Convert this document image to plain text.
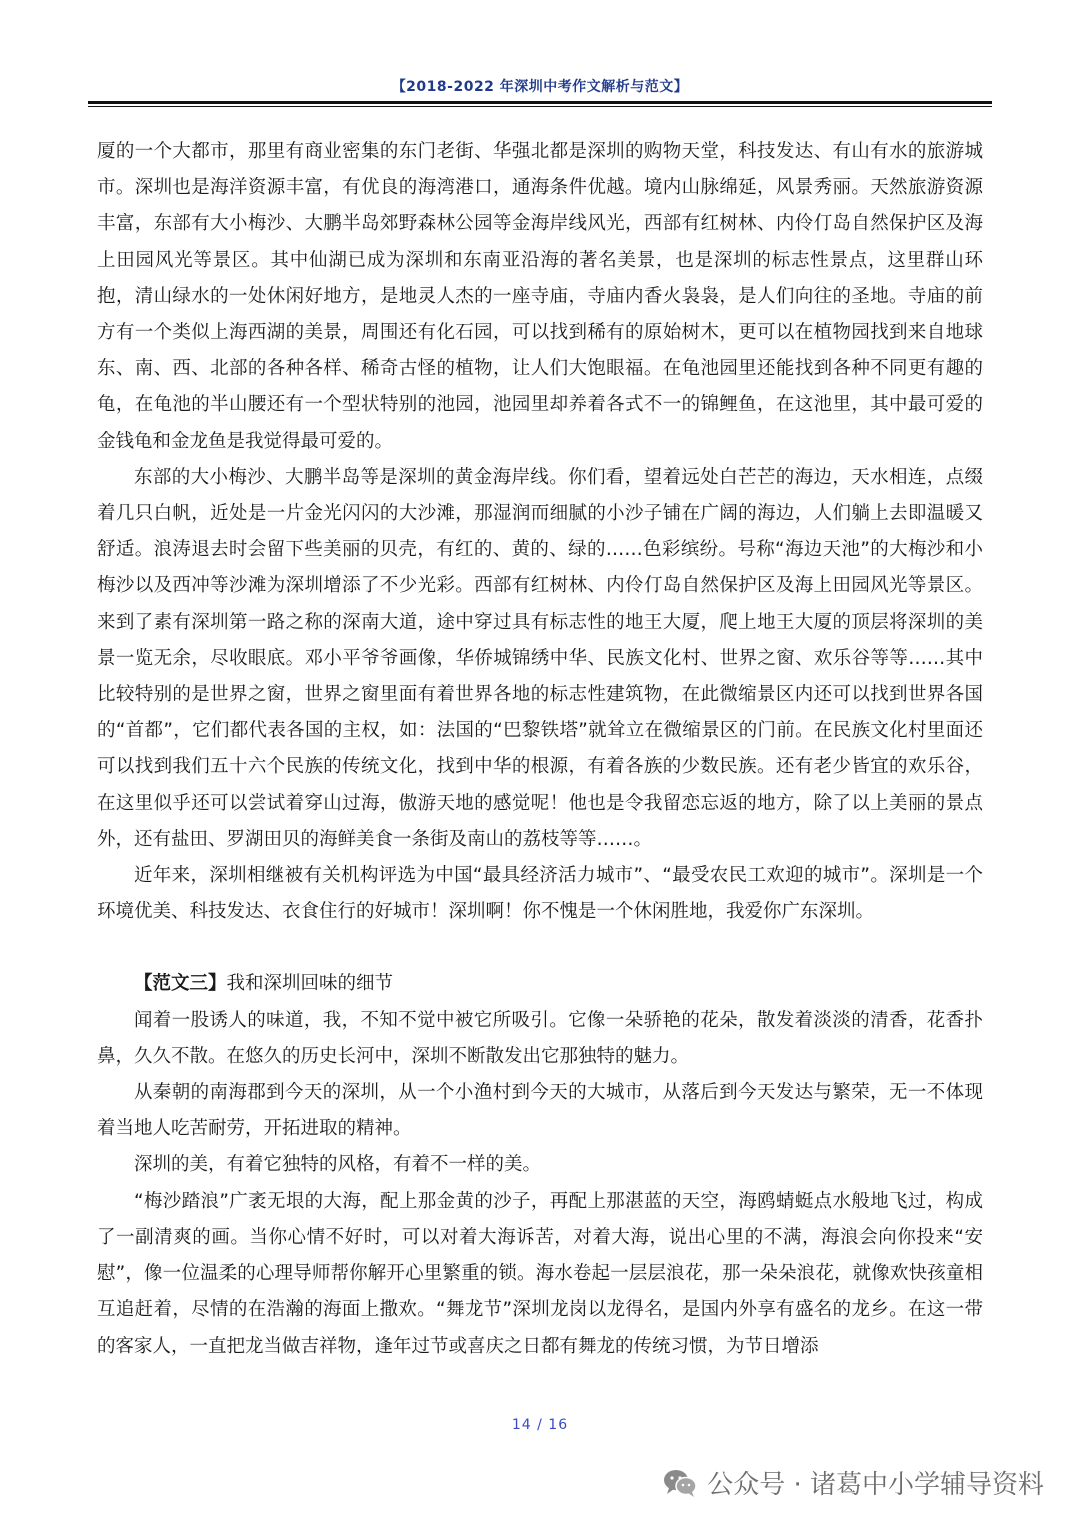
【2018-2022 年深圳中考作文解析与范文】

厦的一个大都市，那里有商业密集的东门老街、华强北都是深圳的购物天堂，科技发达、有山有水的旅游城市。深圳也是海洋资源丰富，有优良的海湾港口，通海条件优越。境内山脉绵延，风景秀丽。天然旅游资源丰富，东部有大小梅沙、大鹏半岛郊野森林公园等金海岸线风光，西部有红树林、内伶仃岛自然保护区及海上田园风光等景区。其中仙湖已成为深圳和东南亚沿海的著名美景，也是深圳的标志性景点，这里群山环抱，清山绿水的一处休闲好地方，是地灵人杰的一座寺庙，寺庙内香火袅袅，是人们向往的圣地。寺庙的前方有一个类似上海西湖的美景，周围还有化石园，可以找到稀有的原始树木，更可以在植物园找到来自地球东、南、西、北部的各种各样、稀奇古怪的植物，让人们大饱眼福。在龟池园里还能找到各种不同更有趣的龟，在龟池的半山腰还有一个型状特别的池园，池园里却养着各式不一的锦鲤鱼，在这池里，其中最可爱的金钱龟和金龙鱼是我觉得最可爱的。

东部的大小梅沙、大鹏半岛等是深圳的黄金海岸线。你们看，望着远处白芒芒的海边，天水相连，点缀着几只白帆，近处是一片金光闪闪的大沙滩，那湿润而细腻的小沙子铺在广阔的海边，人们躺上去即温暖又舒适。浪涛退去时会留下些美丽的贝壳，有红的、黄的、绿的……色彩缤纷。号称“海边天池”的大梅沙和小梅沙以及西冲等沙滩为深圳增添了不少光彩。西部有红树林、内伶仃岛自然保护区及海上田园风光等景区。来到了素有深圳第一路之称的深南大道，途中穿过具有标志性的地王大厦，爬上地王大厦的顶层将深圳的美景一览无余，尽收眼底。邓小平爷爷画像，华侨城锦绣中华、民族文化村、世界之窗、欢乐谷等等……其中比较特别的是世界之窗，世界之窗里面有着世界各地的标志性建筑物，在此微缩景区内还可以找到世界各国的“首都”，它们都代表各国的主权，如：法国的“巴黎铁塔”就耸立在微缩景区的门前。在民族文化村里面还可以找到我们五十六个民族的传统文化，找到中华的根源，有着各族的少数民族。还有老少皆宜的欢乐谷，在这里似乎还可以尝试着穿山过海，傲游天地的感觉呢！他也是令我留恋忘返的地方，除了以上美丽的景点外，还有盐田、罗湖田贝的海鲜美食一条街及南山的荔枝等等……。

近年来，深圳相继被有关机构评选为中国“最具经济活力城市”、“最受农民工欢迎的城市”。深圳是一个环境优美、科技发达、衣食住行的好城市！深圳啊！你不愧是一个休闲胜地，我爱你广东深圳。

【范文三】我和深圳回味的细节

闻着一股诱人的味道，我，不知不觉中被它所吸引。它像一朵骄艳的花朵，散发着淡淡的清香，花香扑鼻，久久不散。在悠久的历史长河中，深圳不断散发出它那独特的魅力。

从秦朝的南海郡到今天的深圳，从一个小渔村到今天的大城市，从落后到今天发达与繁荣，无一不体现着当地人吃苦耐劳，开拓进取的精神。

深圳的美，有着它独特的风格，有着不一样的美。

“梅沙踏浪”广袤无垠的大海，配上那金黄的沙子，再配上那湛蓝的天空，海鸥蜻蜓点水般地飞过，构成了一副清爽的画。当你心情不好时，可以对着大海诉苦，对着大海，说出心里的不满，海浪会向你投来“安慰”，像一位温柔的心理导师帮你解开心里繁重的锁。海水卷起一层层浪花，那一朵朵浪花，就像欢快孩童相互追赶着，尽情的在浩瀚的海面上撒欢。“舞龙节”深圳龙岗以龙得名，是国内外享有盛名的龙乡。在这一带的客家人，一直把龙当做吉祥物，逢年过节或喜庆之日都有舞龙的传统习惯，为节日增添

14 / 16
公众号 · 诸葛中小学辅导资料
